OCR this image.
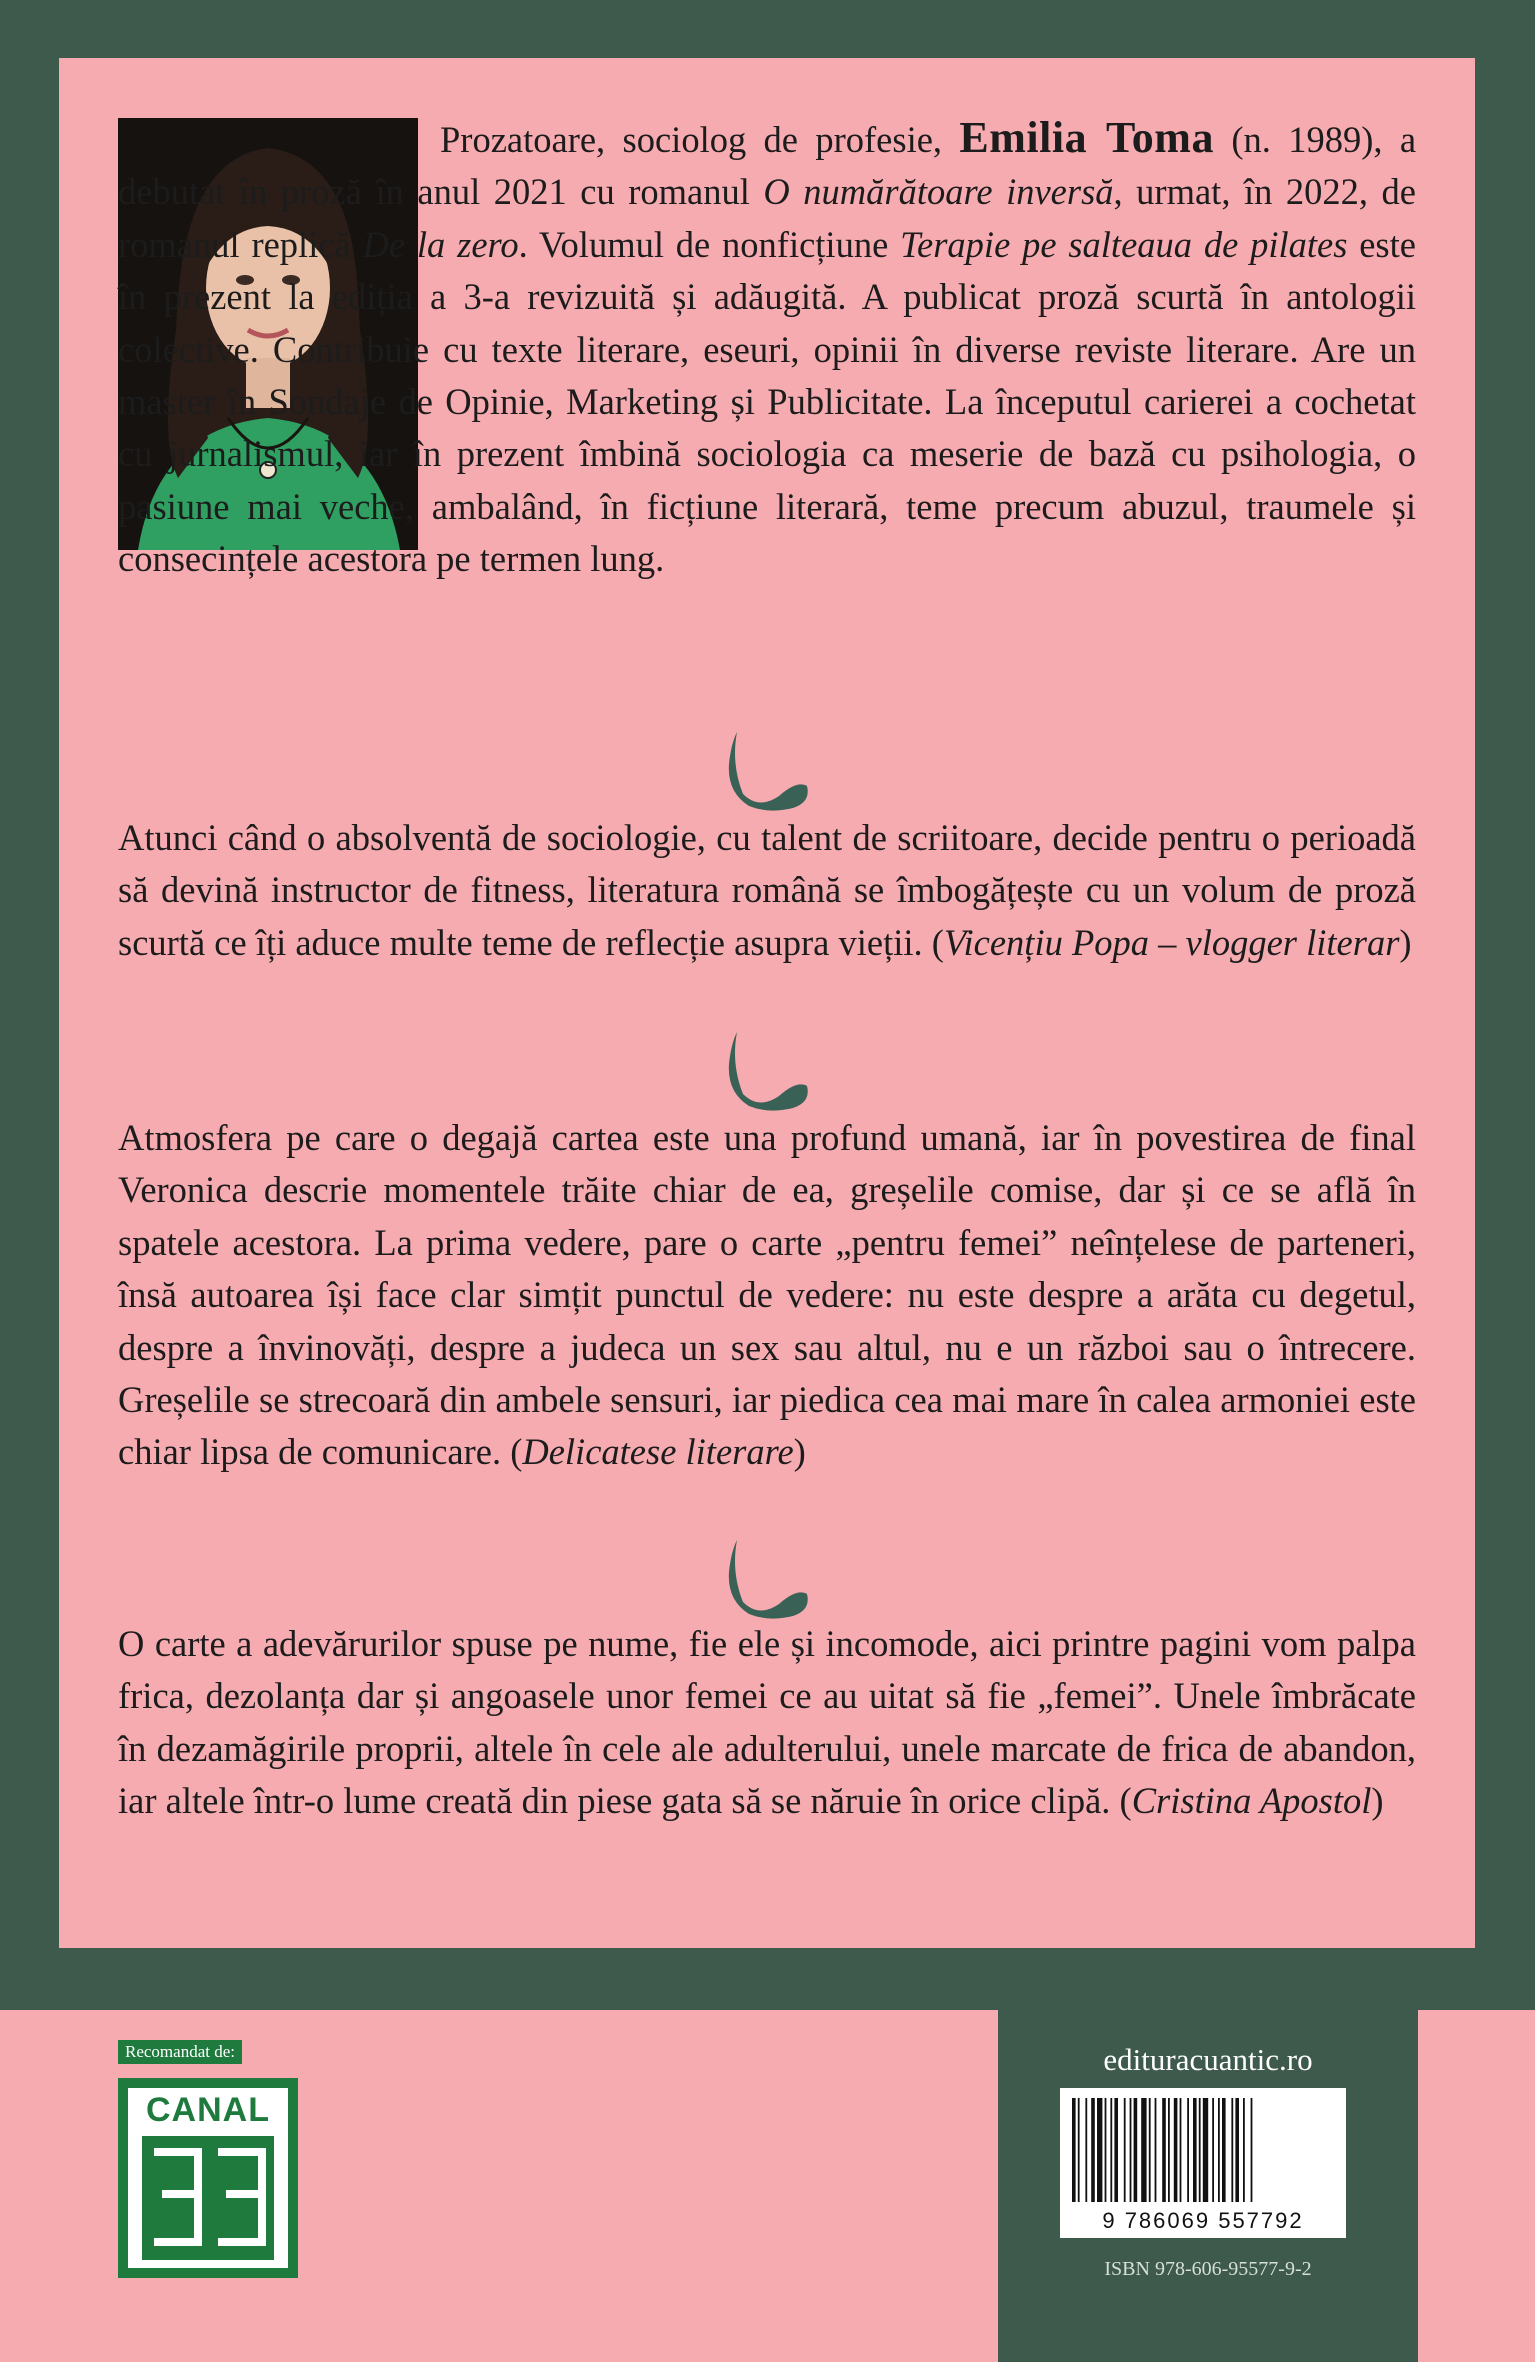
Prozatoare, sociolog de profesie, Emilia Toma (n. 1989), a debutat în proză în anul 2021 cu romanul O numărătoare inversă, urmat, în 2022, de romanul replică De la zero. Volumul de nonficțiune Terapie pe salteaua de pilates este în prezent la ediția a 3-a revizuită și adăugită. A publicat proză scurtă în antologii colective. Contribuie cu texte literare, eseuri, opinii în diverse reviste literare. Are un master în Sondaje de Opinie, Marketing și Publicitate. La începutul carierei a cochetat cu jurnalismul, iar în prezent îmbină sociologia ca meserie de bază cu psihologia, o pasiune mai veche, ambalând, în ficțiune literară, teme precum abuzul, traumele și consecințele acestora pe termen lung.

Atunci când o absolventă de sociologie, cu talent de scriitoare, decide pentru o perioadă să devină instructor de fitness, literatura română se îmbogățește cu un volum de proză scurtă ce îți aduce multe teme de reflecție asupra vieții. (Vicențiu Popa – vlogger literar)

Atmosfera pe care o degajă cartea este una profund umană, iar în povestirea de final Veronica descrie momentele trăite chiar de ea, greșelile comise, dar și ce se află în spatele acestora. La prima vedere, pare o carte „pentru femei” neînțelese de parteneri, însă autoarea își face clar simțit punctul de vedere: nu este despre a arăta cu degetul, despre a învinovăți, despre a judeca un sex sau altul, nu e un război sau o întrecere. Greșelile se strecoară din ambele sensuri, iar piedica cea mai mare în calea armoniei este chiar lipsa de comunicare. (Delicatese literare)

O carte a adevărurilor spuse pe nume, fie ele și incomode, aici printre pagini vom palpa frica, dezolanța dar și angoasele unor femei ce au uitat să fie „femei”. Unele îmbrăcate în dezamăgirile proprii, altele în cele ale adulterului, unele marcate de frica de abandon, iar altele într-o lume creată din piese gata să se năruie în orice clipă. (Cristina Apostol)

Recomandat de:
CANAL
33
edituracuantic.ro
9 786069 557792
ISBN 978-606-95577-9-2
